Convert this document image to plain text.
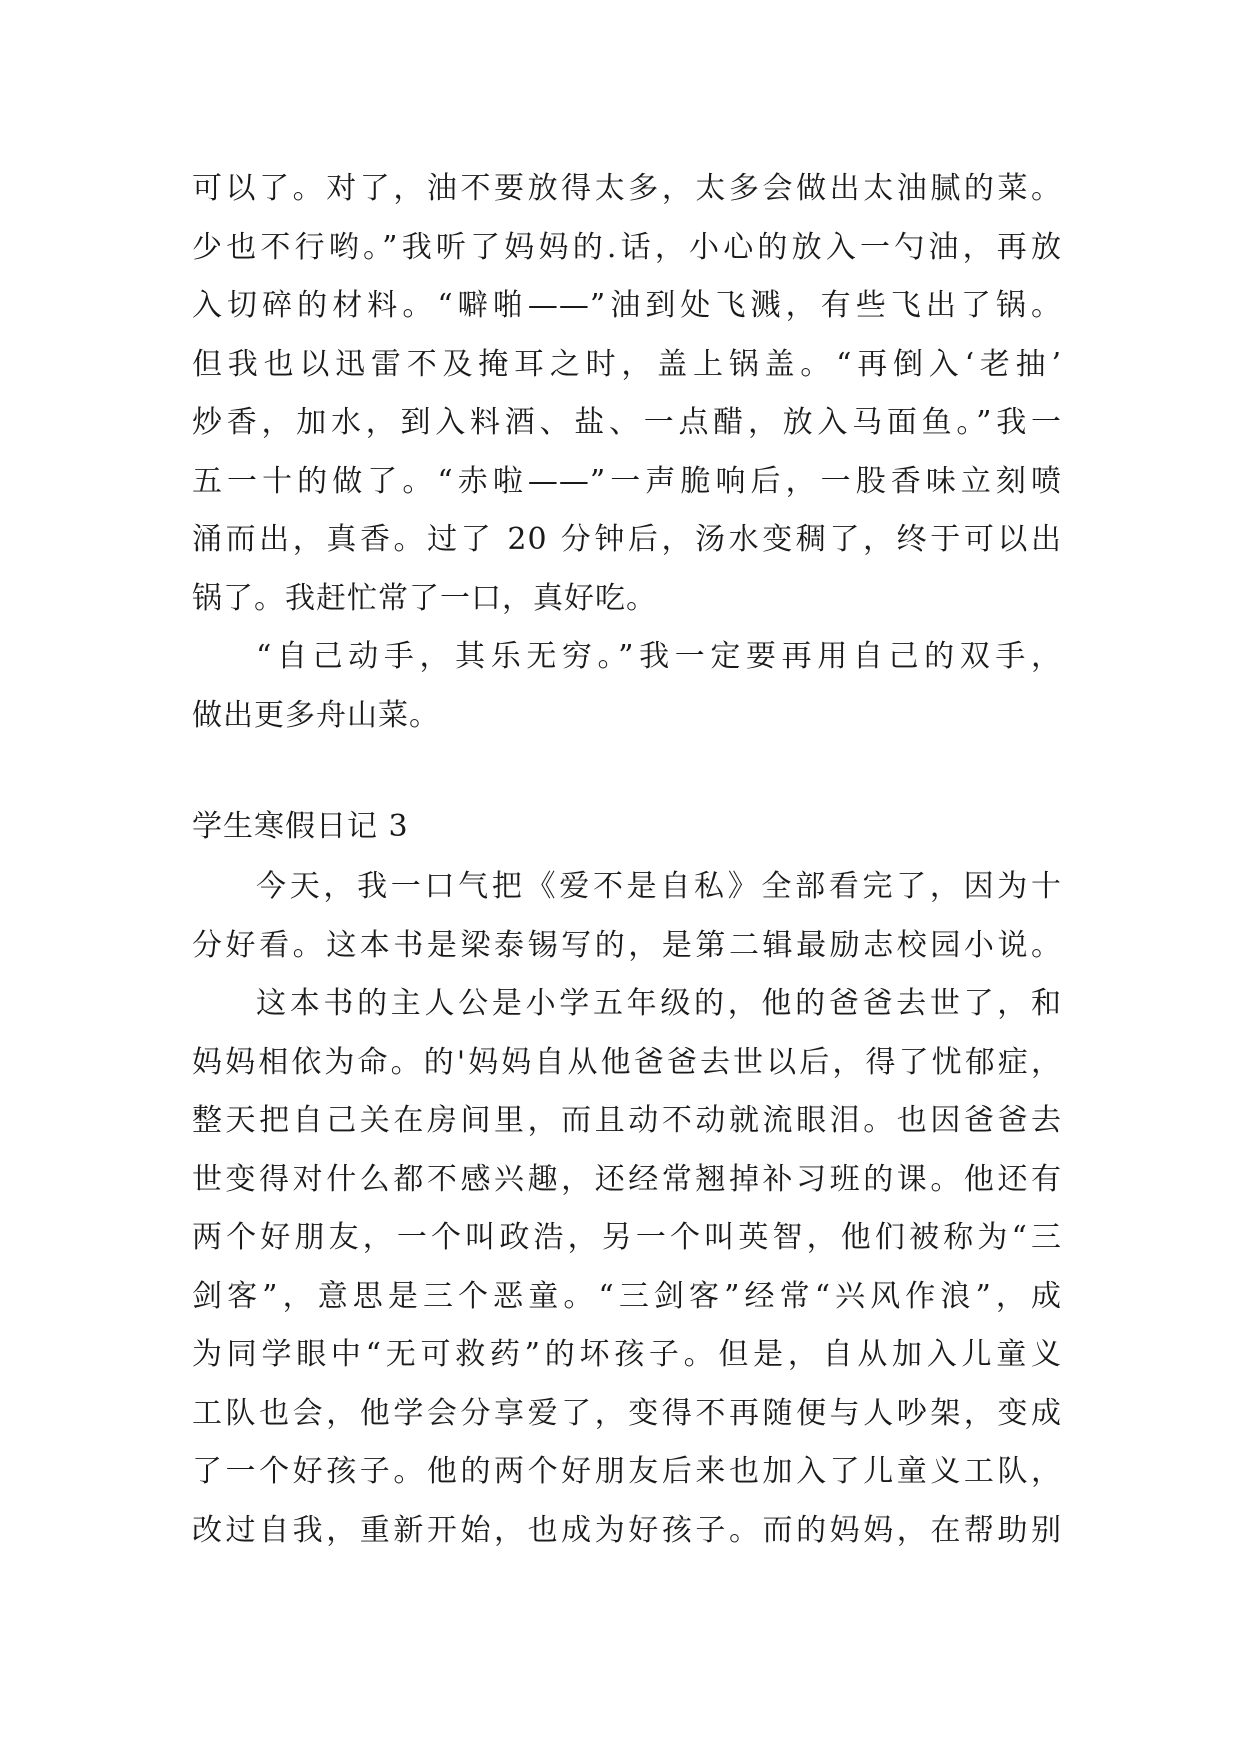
可以了。对了，油不要放得太多，太多会做出太油腻的菜。
少也不行哟。”我听了妈妈的.话，小心的放入一勺油，再放
入切碎的材料。“噼啪——”油到处飞溅，有些飞出了锅。
但我也以迅雷不及掩耳之时，盖上锅盖。“再倒入‘老抽’
炒香，加水，到入料酒、盐、一点醋，放入马面鱼。”我一
五一十的做了。“赤啦——”一声脆响后，一股香味立刻喷
涌而出，真香。过了 20 分钟后，汤水变稠了，终于可以出
锅了。我赶忙常了一口，真好吃。
“自己动手，其乐无穷。”我一定要再用自己的双手，
做出更多舟山菜。
学生寒假日记 3
今天，我一口气把《爱不是自私》全部看完了，因为十
分好看。这本书是梁泰锡写的，是第二辑最励志校园小说。
这本书的主人公是小学五年级的，他的爸爸去世了，和
妈妈相依为命。的'妈妈自从他爸爸去世以后，得了忧郁症，
整天把自己关在房间里，而且动不动就流眼泪。也因爸爸去
世变得对什么都不感兴趣，还经常翘掉补习班的课。他还有
两个好朋友，一个叫政浩，另一个叫英智，他们被称为“三
剑客”，意思是三个恶童。“三剑客”经常“兴风作浪”，成
为同学眼中“无可救药”的坏孩子。但是，自从加入儿童义
工队也会，他学会分享爱了，变得不再随便与人吵架，变成
了一个好孩子。他的两个好朋友后来也加入了儿童义工队，
改过自我，重新开始，也成为好孩子。而的妈妈，在帮助别
